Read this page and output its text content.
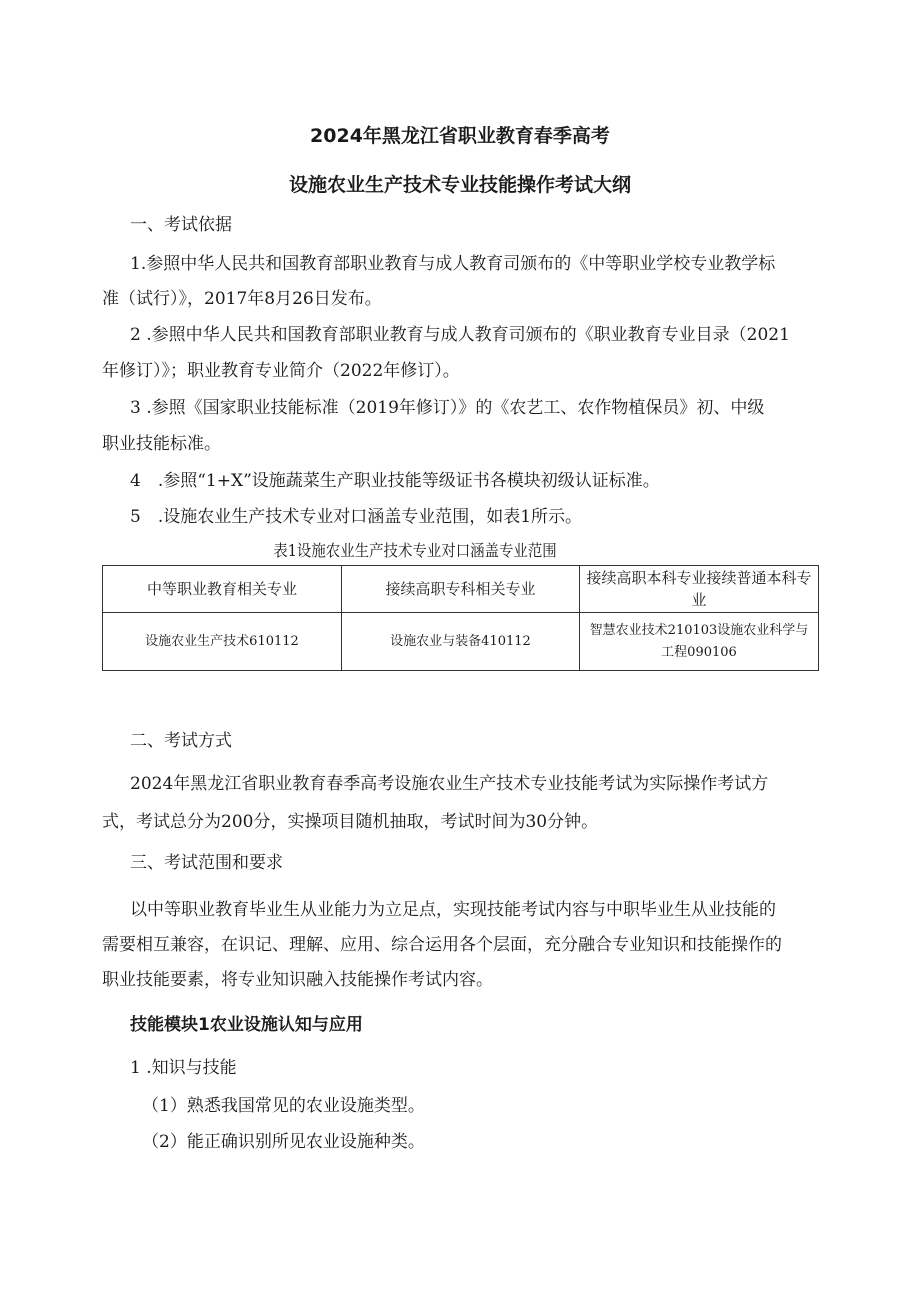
2024年黑龙江省职业教育春季高考

设施农业生产技术专业技能操作考试大纲

一、考试依据

1.参照中华人民共和国教育部职业教育与成人教育司颁布的《中等职业学校专业教学标

准（试行）》，2017年8月26日发布。

2 .参照中华人民共和国教育部职业教育与成人教育司颁布的《职业教育专业目录（2021

年修订）》；职业教育专业简介（2022年修订）。

3 .参照《国家职业技能标准（2019年修订）》的《农艺工、农作物植保员》初、中级

职业技能标准。

4　.参照“1+X”设施蔬菜生产职业技能等级证书各模块初级认证标准。

5　.设施农业生产技术专业对口涵盖专业范围，如表1所示。

表1设施农业生产技术专业对口涵盖专业范围

中等职业教育相关专业	接续高职专科相关专业	接续高职本科专业接续普通本科专业
设施农业生产技术610112	设施农业与装备410112	智慧农业技术210103设施农业科学与工程090106

二、考试方式

2024年黑龙江省职业教育春季高考设施农业生产技术专业技能考试为实际操作考试方

式，考试总分为200分，实操项目随机抽取，考试时间为30分钟。

三、考试范围和要求

以中等职业教育毕业生从业能力为立足点，实现技能考试内容与中职毕业生从业技能的

需要相互兼容，在识记、理解、应用、综合运用各个层面，充分融合专业知识和技能操作的

职业技能要素，将专业知识融入技能操作考试内容。

技能模块1农业设施认知与应用

1 .知识与技能

（1）熟悉我国常见的农业设施类型。

（2）能正确识别所见农业设施种类。
